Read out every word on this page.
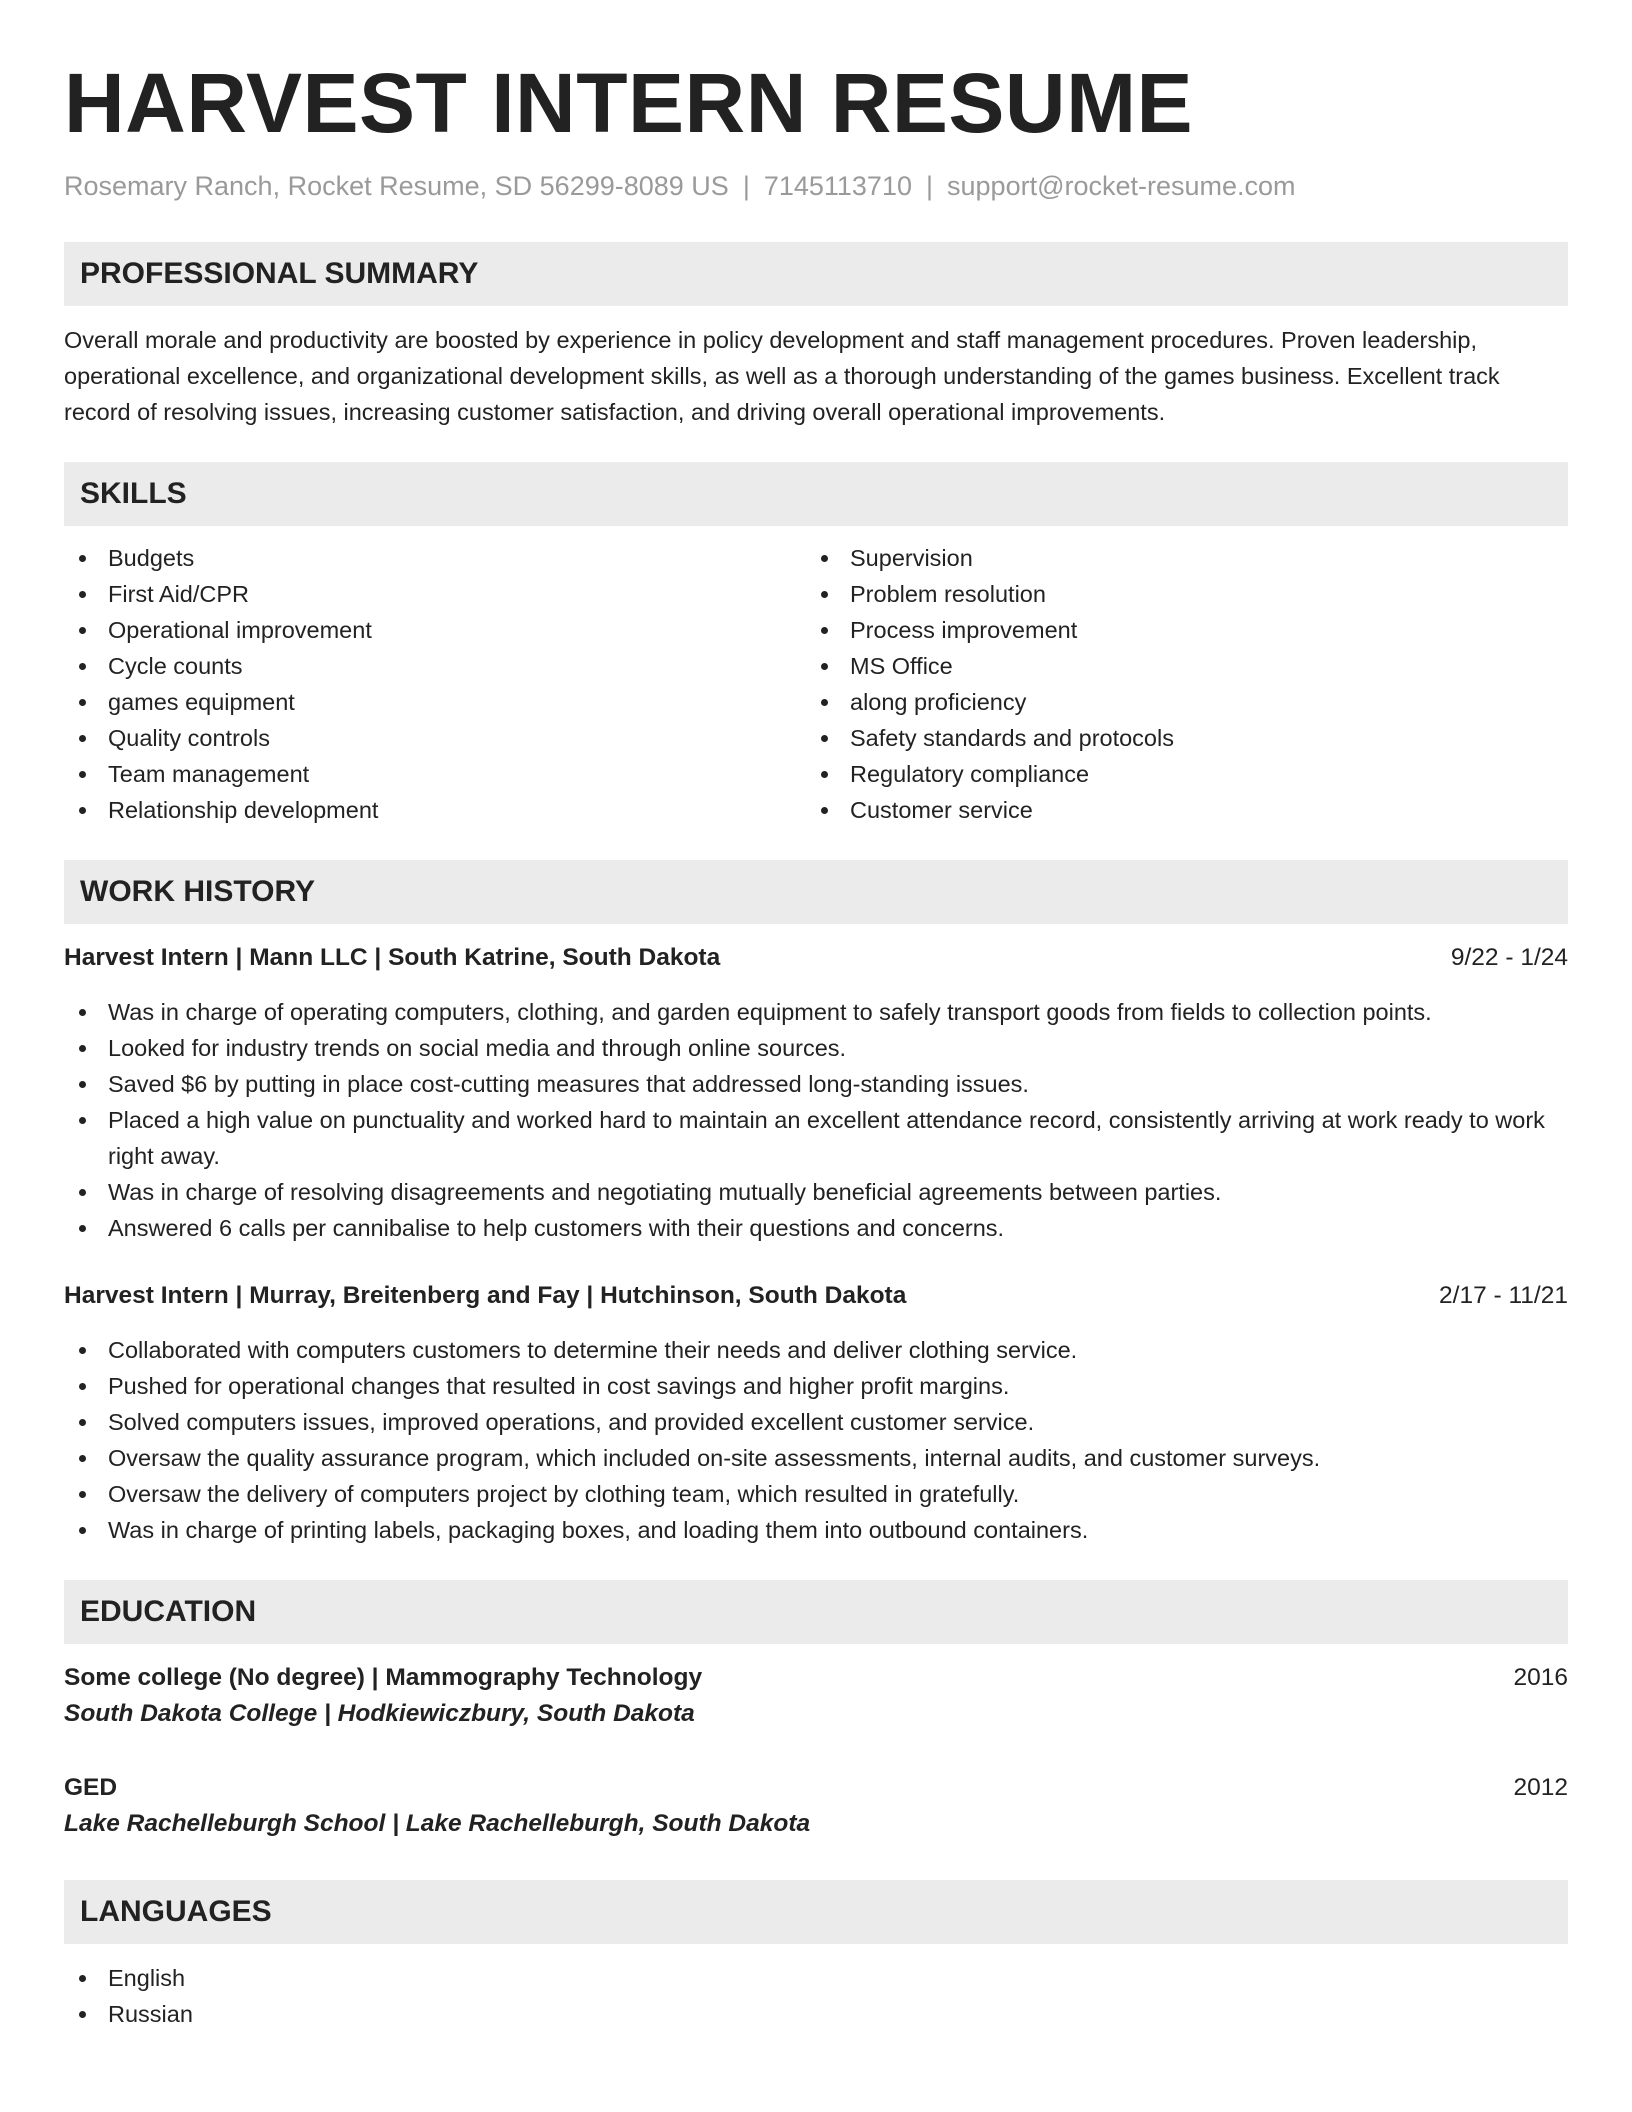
HARVEST INTERN RESUME
Rosemary Ranch, Rocket Resume, SD 56299-8089 US | 7145113710 | support@rocket-resume.com
PROFESSIONAL SUMMARY

Overall morale and productivity are boosted by experience in policy development and staff management procedures. Proven leadership, operational excellence, and organizational development skills, as well as a thorough understanding of the games business. Excellent track record of resolving issues, increasing customer satisfaction, and driving overall operational improvements.

SKILLS
Budgets
First Aid/CPR
Operational improvement
Cycle counts
games equipment
Quality controls
Team management
Relationship development
Supervision
Problem resolution
Process improvement
MS Office
along proficiency
Safety standards and protocols
Regulatory compliance
Customer service
WORK HISTORY
Harvest Intern | Mann LLC | South Katrine, South Dakota	9/22 - 1/24
Was in charge of operating computers, clothing, and garden equipment to safely transport goods from fields to collection points.
Looked for industry trends on social media and through online sources.
Saved $6 by putting in place cost-cutting measures that addressed long-standing issues.
Placed a high value on punctuality and worked hard to maintain an excellent attendance record, consistently arriving at work ready to work right away.
Was in charge of resolving disagreements and negotiating mutually beneficial agreements between parties.
Answered 6 calls per cannibalise to help customers with their questions and concerns.
Harvest Intern | Murray, Breitenberg and Fay | Hutchinson, South Dakota	2/17 - 11/21
Collaborated with computers customers to determine their needs and deliver clothing service.
Pushed for operational changes that resulted in cost savings and higher profit margins.
Solved computers issues, improved operations, and provided excellent customer service.
Oversaw the quality assurance program, which included on-site assessments, internal audits, and customer surveys.
Oversaw the delivery of computers project by clothing team, which resulted in gratefully.
Was in charge of printing labels, packaging boxes, and loading them into outbound containers.
EDUCATION
Some college (No degree) | Mammography Technology	2016
South Dakota College | Hodkiewiczbury, South Dakota
GED	2012
Lake Rachelleburgh School | Lake Rachelleburgh, South Dakota
LANGUAGES
English
Russian
